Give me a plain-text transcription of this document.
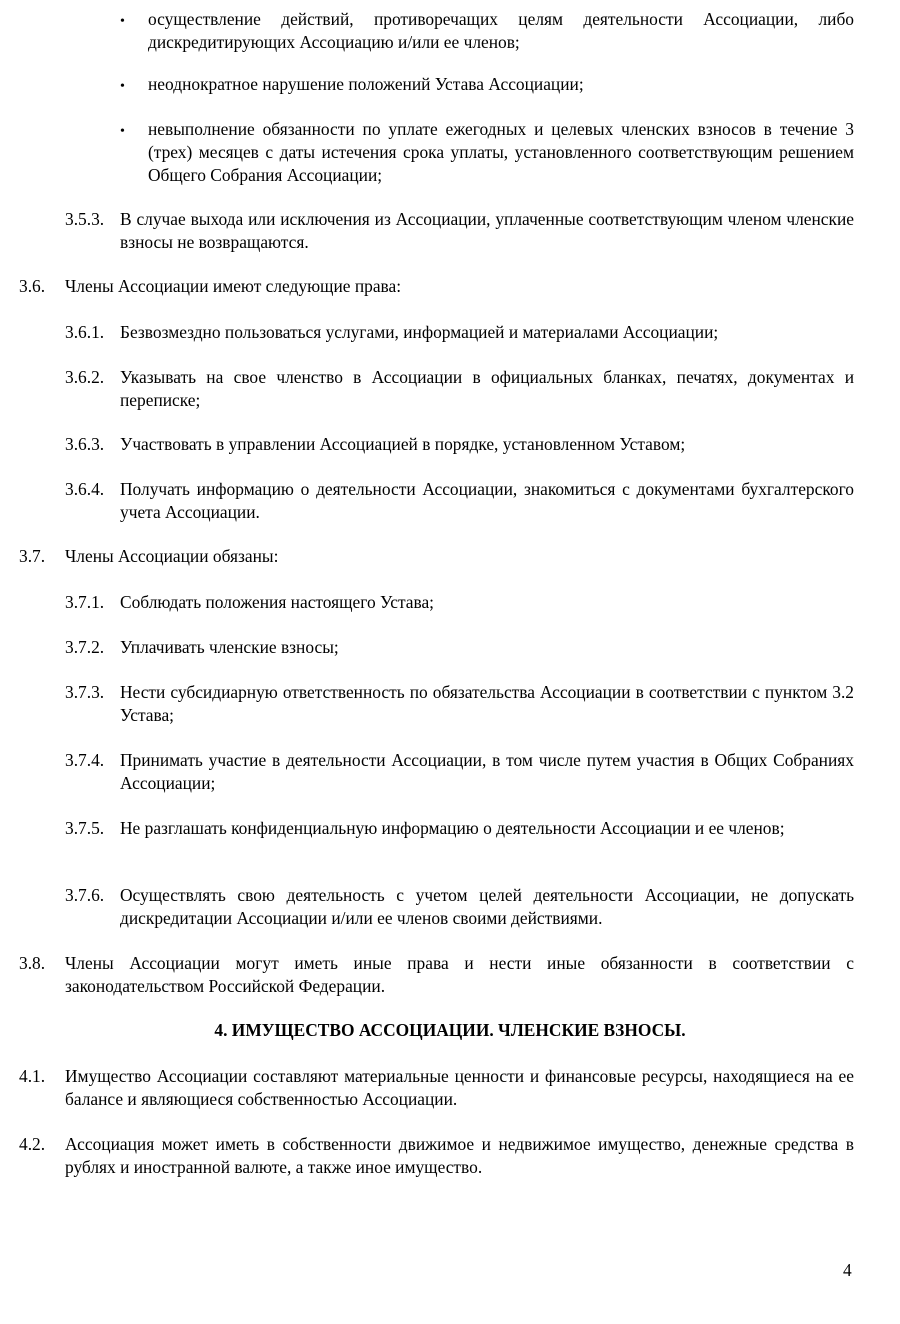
• осуществление действий, противоречащих целям деятельности Ассоциации, либо дискредитирующих Ассоциацию и/или ее членов;
• неоднократное нарушение положений Устава Ассоциации;
• невыполнение обязанности по уплате ежегодных и целевых членских взносов в течение 3 (трех) месяцев с даты истечения срока уплаты, установленного соответствующим решением Общего Собрания Ассоциации;
3.5.3. В случае выхода или исключения из Ассоциации, уплаченные соответствующим членом членские взносы не возвращаются.
3.6. Члены Ассоциации имеют следующие права:
3.6.1. Безвозмездно пользоваться услугами, информацией и материалами Ассоциации;
3.6.2. Указывать на свое членство в Ассоциации в официальных бланках, печатях, документах и переписке;
3.6.3. Участвовать в управлении Ассоциацией в порядке, установленном Уставом;
3.6.4. Получать информацию о деятельности Ассоциации, знакомиться с документами бухгалтерского учета Ассоциации.
3.7. Члены Ассоциации обязаны:
3.7.1. Соблюдать положения настоящего Устава;
3.7.2. Уплачивать членские взносы;
3.7.3. Нести субсидиарную ответственность по обязательства Ассоциации в соответствии с пунктом 3.2 Устава;
3.7.4. Принимать участие в деятельности Ассоциации, в том числе путем участия в Общих Собраниях Ассоциации;
3.7.5. Не разглашать конфиденциальную информацию о деятельности Ассоциации и ее членов;
3.7.6. Осуществлять свою деятельность с учетом целей деятельности Ассоциации, не допускать дискредитации Ассоциации и/или ее членов своими действиями.
3.8. Члены Ассоциации могут иметь иные права и нести иные обязанности в соответствии с законодательством Российской Федерации.
4. ИМУЩЕСТВО АССОЦИАЦИИ. ЧЛЕНСКИЕ ВЗНОСЫ.
4.1. Имущество Ассоциации составляют материальные ценности и финансовые ресурсы, находящиеся на ее балансе и являющиеся собственностью Ассоциации.
4.2. Ассоциация может иметь в собственности движимое и недвижимое имущество, денежные средства в рублях и иностранной валюте, а также иное имущество.
4
